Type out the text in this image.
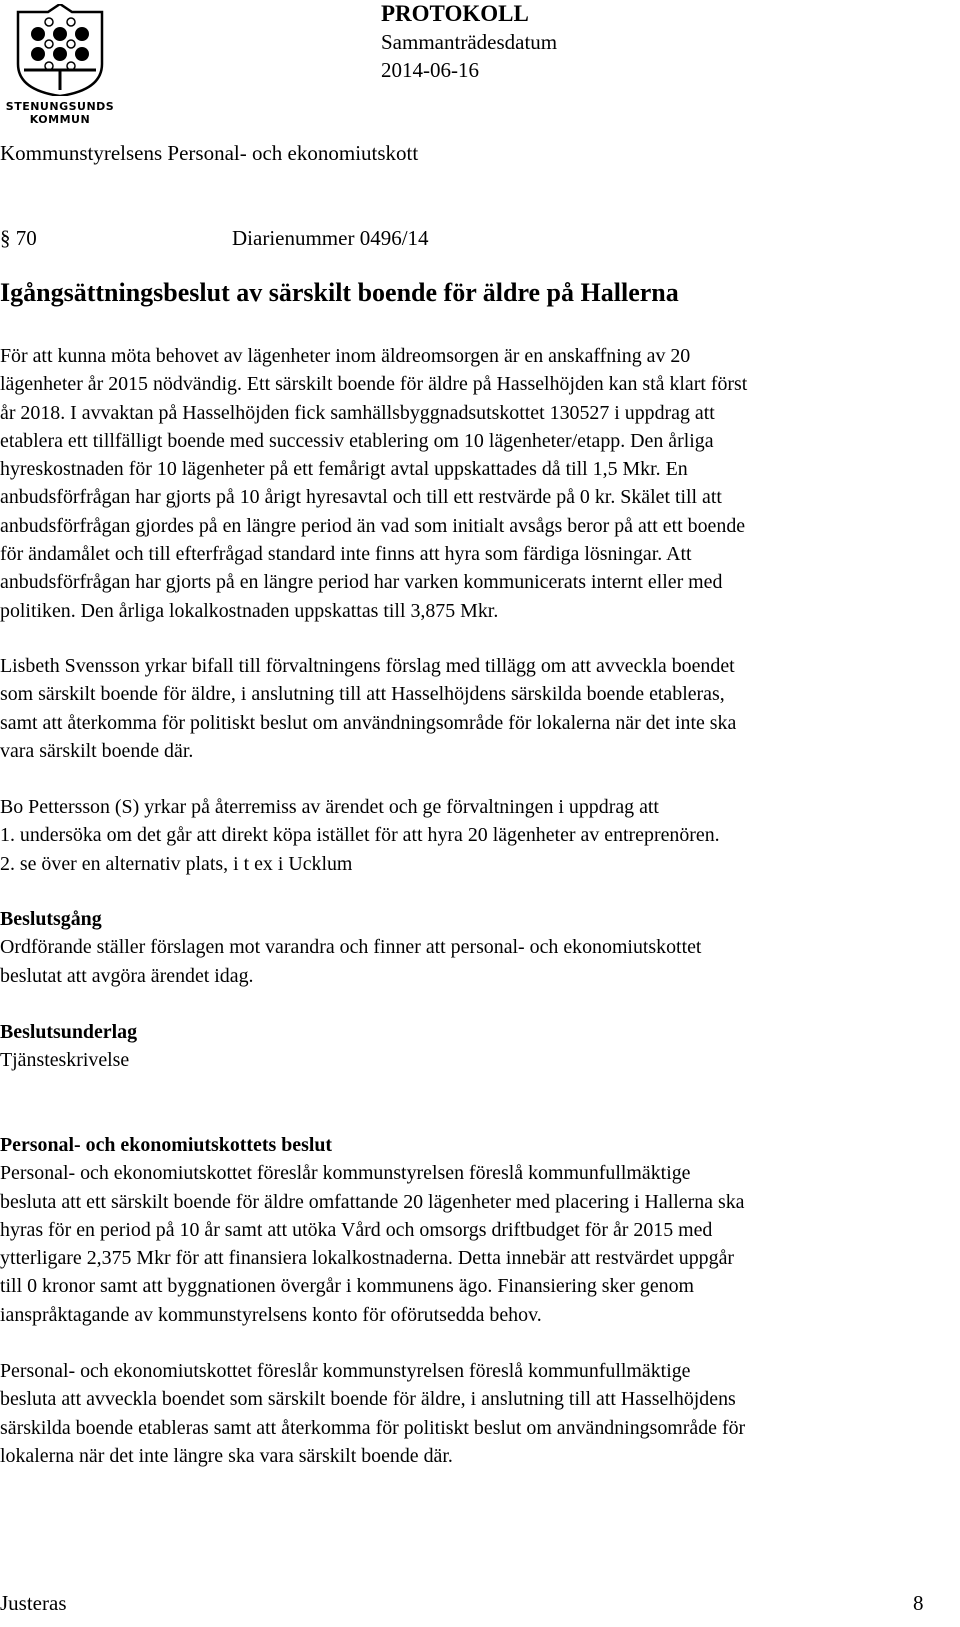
STENUNGSUNDS
KOMMUN
PROTOKOLL
Sammanträdesdatum
2014-06-16
Kommunstyrelsens Personal- och ekonomiutskott
§ 70	Diarienummer 0496/14
Igångsättningsbeslut av särskilt boende för äldre på Hallerna
För att kunna möta behovet av lägenheter inom äldreomsorgen är en anskaffning av 20
lägenheter år 2015 nödvändig. Ett särskilt boende för äldre på Hasselhöjden kan stå klart först
år 2018. I avvaktan på Hasselhöjden fick samhällsbyggnadsutskottet 130527 i uppdrag att
etablera ett tillfälligt boende med successiv etablering om 10 lägenheter/etapp. Den årliga
hyreskostnaden för 10 lägenheter på ett femårigt avtal uppskattades då till 1,5 Mkr. En
anbudsförfrågan har gjorts på 10 årigt hyresavtal och till ett restvärde på 0 kr. Skälet till att
anbudsförfrågan gjordes på en längre period än vad som initialt avsågs beror på att ett boende
för ändamålet och till efterfrågad standard inte finns att hyra som färdiga lösningar. Att
anbudsförfrågan har gjorts på en längre period har varken kommunicerats internt eller med
politiken. Den årliga lokalkostnaden uppskattas till 3,875 Mkr.
Lisbeth Svensson yrkar bifall till förvaltningens förslag med tillägg om att avveckla boendet
som särskilt boende för äldre, i anslutning till att Hasselhöjdens särskilda boende etableras,
samt att återkomma för politiskt beslut om användningsområde för lokalerna när det inte ska
vara särskilt boende där.
Bo Pettersson (S) yrkar på återremiss av ärendet och ge förvaltningen i uppdrag att
1. undersöka om det går att direkt köpa istället för att hyra 20 lägenheter av entreprenören.
2. se över en alternativ plats, i t ex i Ucklum
Beslutsgång
Ordförande ställer förslagen mot varandra och finner att personal- och ekonomiutskottet
beslutat att avgöra ärendet idag.
Beslutsunderlag
Tjänsteskrivelse
Personal- och ekonomiutskottets beslut
Personal- och ekonomiutskottet föreslår kommunstyrelsen föreslå kommunfullmäktige
besluta att ett särskilt boende för äldre omfattande 20 lägenheter med placering i Hallerna ska
hyras för en period på 10 år samt att utöka Vård och omsorgs driftbudget för år 2015 med
ytterligare 2,375 Mkr för att finansiera lokalkostnaderna. Detta innebär att restvärdet uppgår
till 0 kronor samt att byggnationen övergår i kommunens ägo. Finansiering sker genom
ianspråktagande av kommunstyrelsens konto för oförutsedda behov.
Personal- och ekonomiutskottet föreslår kommunstyrelsen föreslå kommunfullmäktige
besluta att avveckla boendet som särskilt boende för äldre, i anslutning till att Hasselhöjdens
särskilda boende etableras samt att återkomma för politiskt beslut om användningsområde för
lokalerna när det inte längre ska vara särskilt boende där.
Justeras	8
